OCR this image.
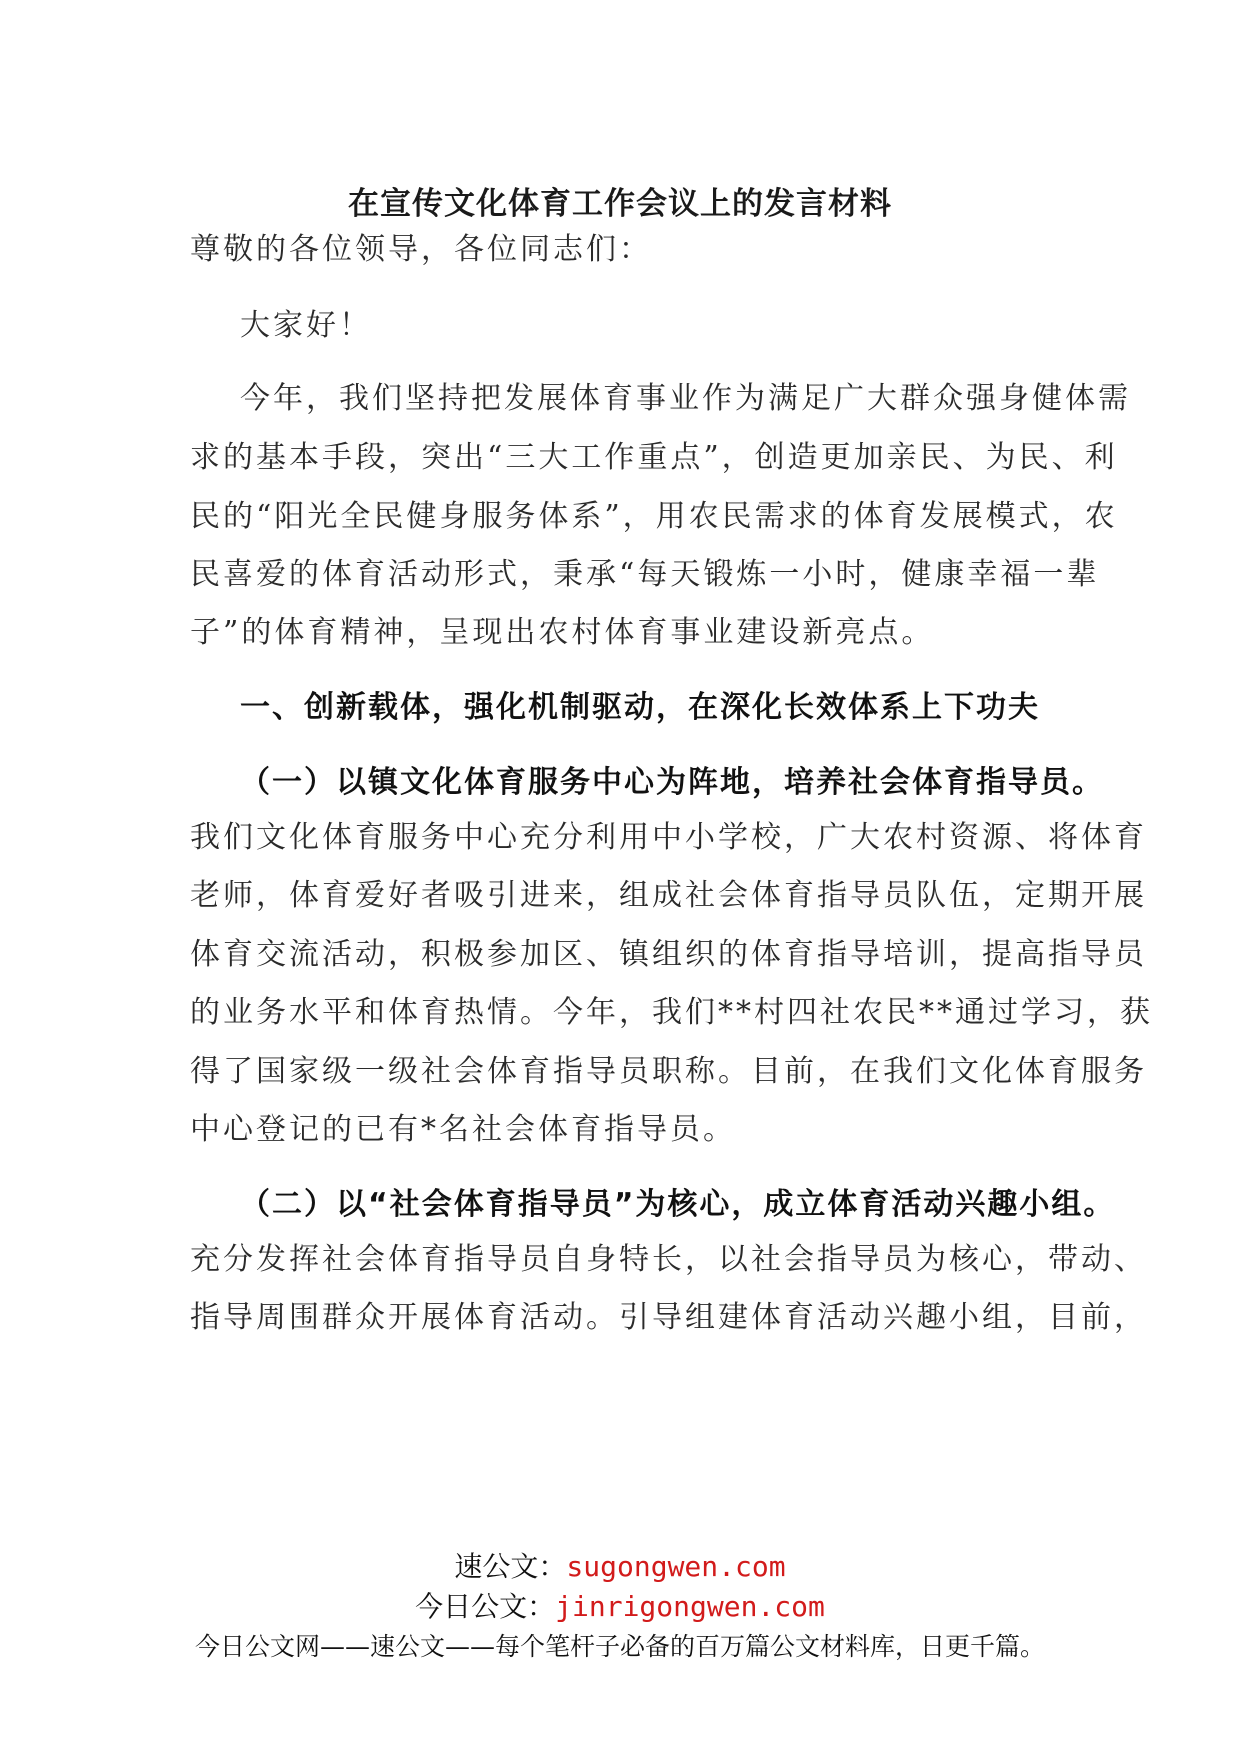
在宣传文化体育工作会议上的发言材料
尊敬的各位领导，各位同志们：
大家好！
今年，我们坚持把发展体育事业作为满足广大群众强身健体需
求的基本手段，突出“三大工作重点”，创造更加亲民、为民、利
民的“阳光全民健身服务体系”，用农民需求的体育发展模式，农
民喜爱的体育活动形式，秉承“每天锻炼一小时，健康幸福一辈
子”的体育精神，呈现出农村体育事业建设新亮点。
一、创新载体，强化机制驱动，在深化长效体系上下功夫
（一）以镇文化体育服务中心为阵地，培养社会体育指导员。
我们文化体育服务中心充分利用中小学校，广大农村资源、将体育
老师，体育爱好者吸引进来，组成社会体育指导员队伍，定期开展
体育交流活动，积极参加区、镇组织的体育指导培训，提高指导员
的业务水平和体育热情。今年，我们**村四社农民**通过学习，获
得了国家级一级社会体育指导员职称。目前，在我们文化体育服务
中心登记的已有*名社会体育指导员。
（二）以“社会体育指导员”为核心，成立体育活动兴趣小组。
充分发挥社会体育指导员自身特长，以社会指导员为核心，带动、
指导周围群众开展体育活动。引导组建体育活动兴趣小组，目前，
速公文：sugongwen.com
今日公文：jinrigongwen.com
今日公文网——速公文——每个笔杆子必备的百万篇公文材料库，日更千篇。
